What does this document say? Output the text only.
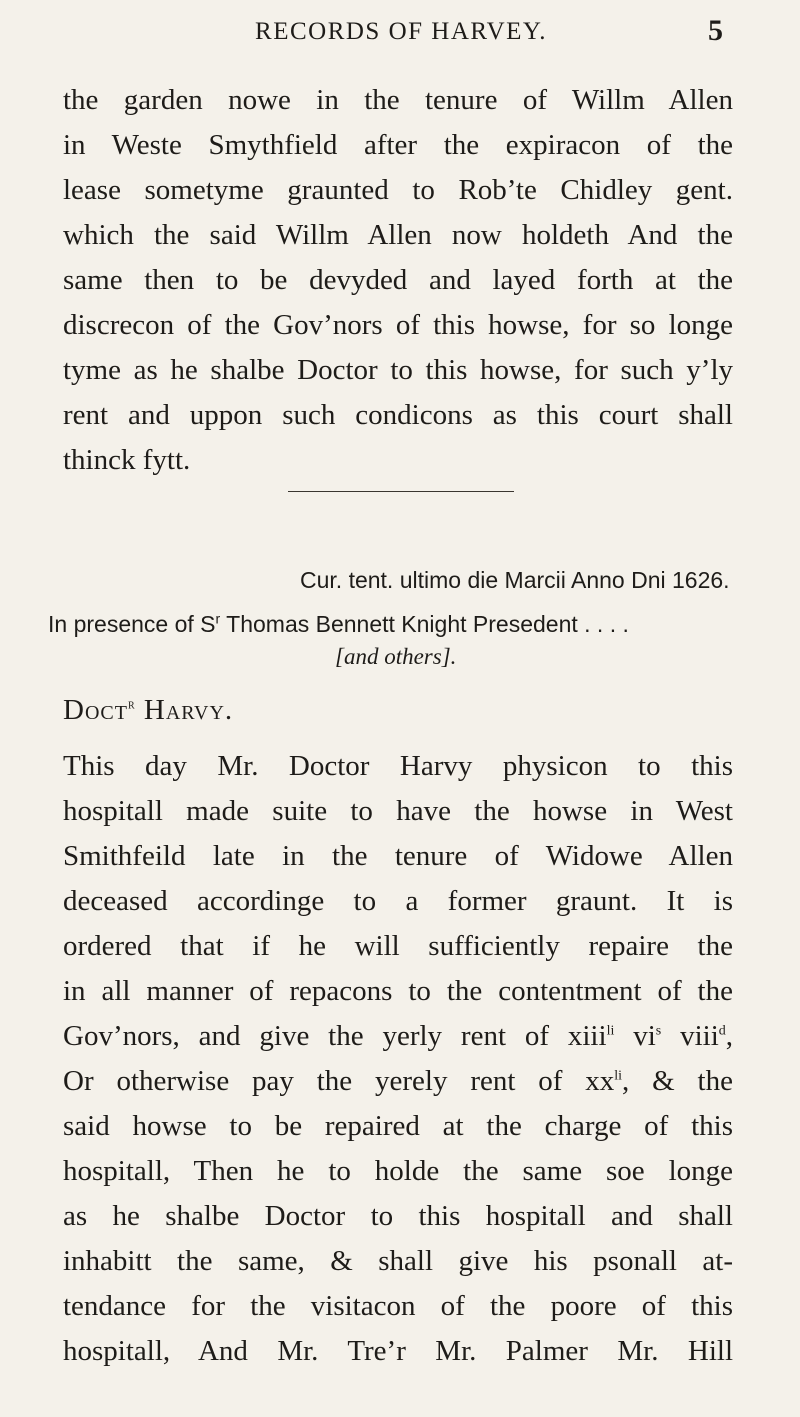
RECORDS OF HARVEY.	5
the garden nowe in the tenure of Willm Allen
in Weste Smythfield after the expiracon of the
lease sometyme graunted to Rob’te Chidley gent.
which the said Willm Allen now holdeth And the
same then to be devyded and layed forth at the
discrecon of the Gov’nors of this howse, for so longe
tyme as he shalbe Doctor to this howse, for such y’ly
rent and uppon such condicons as this court shall
thinck fytt.
Cur. tent. ultimo die Marcii Anno Dni 1626.
In presence of $S^r$ Thomas Bennett Knight Presedent . . . .
[and others].
Doct$^r$ Harvy.
This day Mr. Doctor Harvy physicon to this
hospitall made suite to have the howse in West
Smithfeild late in the tenure of Widowe Allen
deceased accordinge to a former graunt. It is
ordered that if he will sufficiently repaire the
in all manner of repacons to the contentment of the
Gov’nors, and give the yerly rent of xiii$^{li}$ $vi^s$ viii$^d$,
Or otherwise pay the yerely rent of $xx^{li}$, & the
said howse to be repaired at the charge of this
hospitall, Then he to holde the same soe longe
as he shalbe Doctor to this hospitall and shall
inhabitt the same, & shall give his psonall at-
tendance for the visitacon of the poore of this
hospitall, And Mr. Tre’r Mr. Palmer Mr. Hill
